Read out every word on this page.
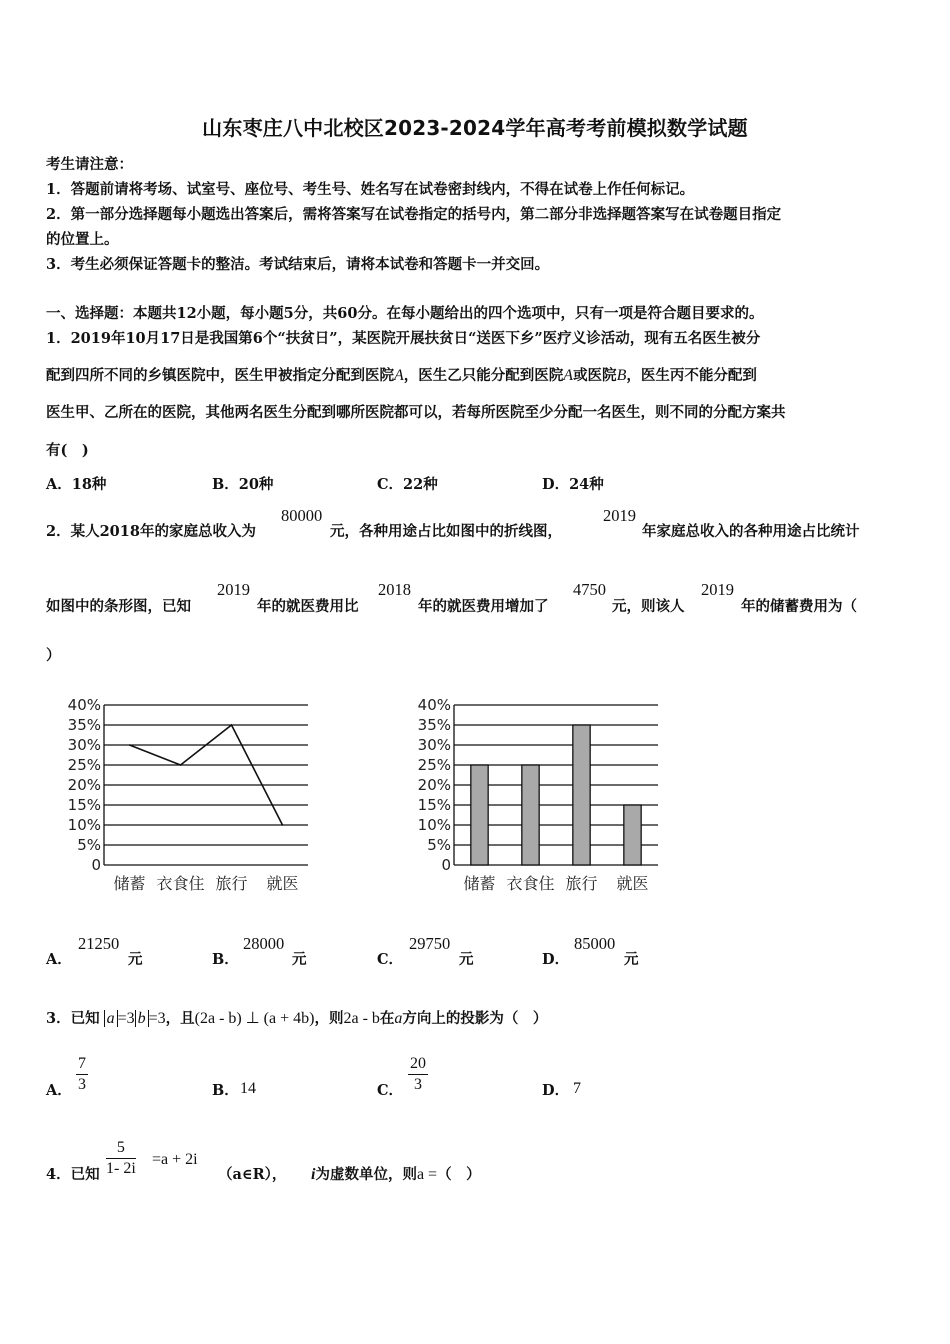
山东枣庄八中北校区2023-2024学年高考考前模拟数学试题
考生请注意：
1．答题前请将考场、试室号、座位号、考生号、姓名写在试卷密封线内，不得在试卷上作任何标记。
2．第一部分选择题每小题选出答案后，需将答案写在试卷指定的括号内，第二部分非选择题答案写在试卷题目指定
的位置上。
3．考生必须保证答题卡的整洁。考试结束后，请将本试卷和答题卡一并交回。
一、选择题：本题共12小题，每小题5分，共60分。在每小题给出的四个选项中，只有一项是符合题目要求的。
1．2019年10月17日是我国第6个“扶贫日”，某医院开展扶贫日“送医下乡”医疗义诊活动，现有五名医生被分
配到四所不同的乡镇医院中，医生甲被指定分配到医院A，医生乙只能分配到医院A或医院B，医生丙不能分配到
医生甲、乙所在的医院，其他两名医生分配到哪所医院都可以，若每所医院至少分配一名医生，则不同的分配方案共
有(　)
A．18种	B．20种	C．22种	D．24种
2．某人2018年的家庭总收入为
80000
元，各种用途占比如图中的折线图，
2019
年家庭总收入的各种用途占比统计
如图中的条形图，已知
2019
年的就医费用比
2018
年的就医费用增加了
4750
元，则该人
2019
年的储蓄费用为（
）
0
5%
10%
15%
20%
25%
30%
35%
40%
储蓄 衣食住 旅行 就医
0
5%
10%
15%
20%
25%
30%
35%
40%
储蓄 衣食住 旅行 就医
A．
21250
元	B．
28000
元	C．
29750
元	D．
85000
元
3．已知 a =3 b =3，且(2a - b) ⊥ (a + 4b)，则2a - b在a方向上的投影为（　）
A． $\frac{7}{3}$	B． 14	C． $\frac{20}{3}$	D． 7
4．已知 $\frac{5}{1- 2i} =a + 2i$
（a∈R）， i为虚数单位，则a =（　）
